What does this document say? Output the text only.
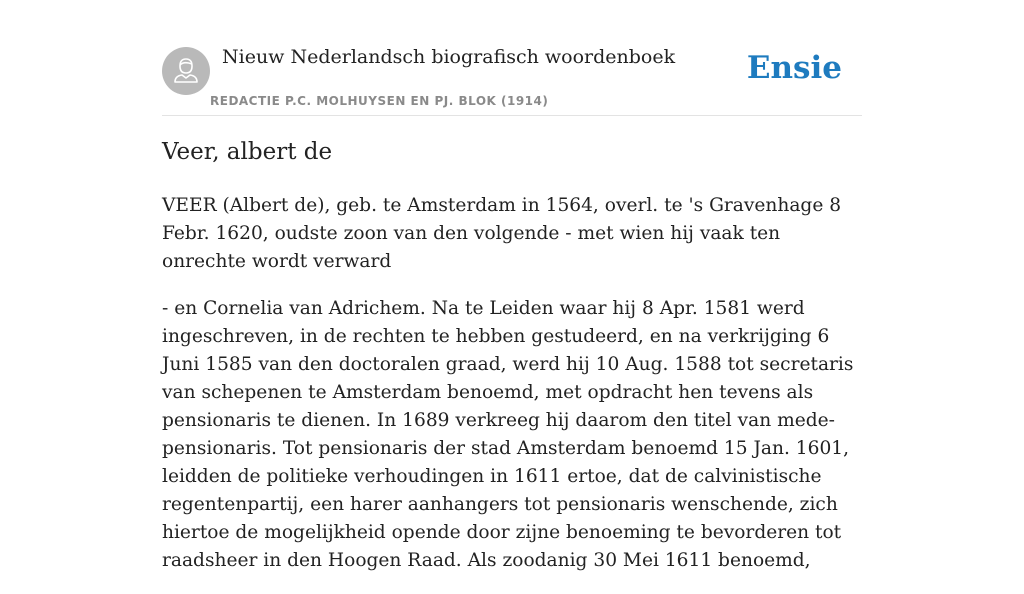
Nieuw Nederlandsch biografisch woordenboek
REDACTIE P.C. MOLHUYSEN EN PJ. BLOK (1914)
Ensie
Veer, albert de

VEER (Albert de), geb. te Amsterdam in 1564, overl. te 's Gravenhage 8 Febr. 1620, oudste zoon van den volgende - met wien hij vaak ten onrechte wordt verward

- en Cornelia van Adrichem. Na te Leiden waar hij 8 Apr. 1581 werd ingeschreven, in de rechten te hebben gestudeerd, en na verkrijging 6 Juni 1585 van den doctoralen graad, werd hij 10 Aug. 1588 tot secretaris van schepenen te Amsterdam benoemd, met opdracht hen tevens als pensionaris te dienen. In 1689 verkreeg hij daarom den titel van mede-pensionaris. Tot pensionaris der stad Amsterdam benoemd 15 Jan. 1601, leidden de politieke verhoudingen in 1611 ertoe, dat de calvinistische regentenpartij, een harer aanhangers tot pensionaris wenschende, zich hiertoe de mogelijkheid opende door zijne benoeming te bevorderen tot raadsheer in den Hoogen Raad. Als zoodanig 30 Mei 1611 benoemd,
